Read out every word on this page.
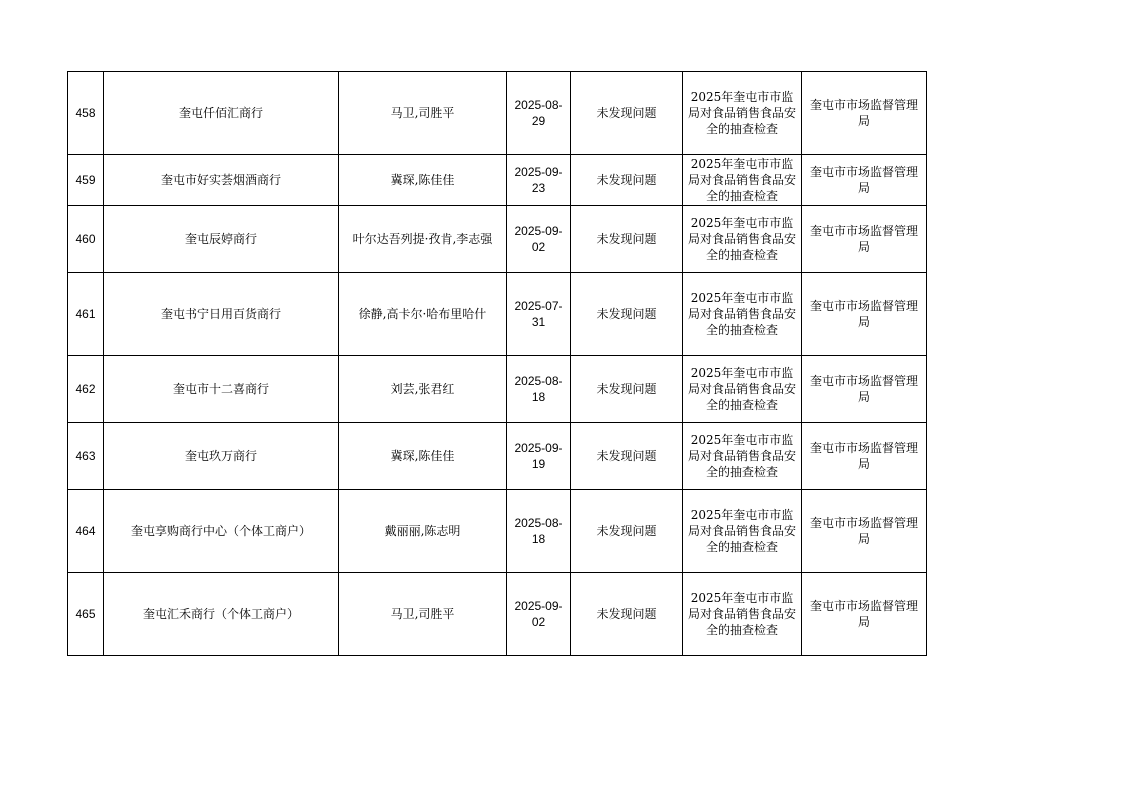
458	奎屯仟佰汇商行	马卫,司胜平	2025-08-29	未发现问题	2025年奎屯市市监局对食品销售食品安全的抽查检查	奎屯市市场监督管理局
459	奎屯市好实荟烟酒商行	冀琛,陈佳佳	2025-09-23	未发现问题	2025年奎屯市市监局对食品销售食品安全的抽查检查	奎屯市市场监督管理局
460	奎屯辰婷商行	叶尔达吾列提·孜肯,李志强	2025-09-02	未发现问题	2025年奎屯市市监局对食品销售食品安全的抽查检查	奎屯市市场监督管理局
461	奎屯书宁日用百货商行	徐静,高卡尔·哈布里哈什	2025-07-31	未发现问题	2025年奎屯市市监局对食品销售食品安全的抽查检查	奎屯市市场监督管理局
462	奎屯市十二喜商行	刘芸,张君红	2025-08-18	未发现问题	2025年奎屯市市监局对食品销售食品安全的抽查检查	奎屯市市场监督管理局
463	奎屯玖万商行	冀琛,陈佳佳	2025-09-19	未发现问题	2025年奎屯市市监局对食品销售食品安全的抽查检查	奎屯市市场监督管理局
464	奎屯享购商行中心（个体工商户）	戴丽丽,陈志明	2025-08-18	未发现问题	2025年奎屯市市监局对食品销售食品安全的抽查检查	奎屯市市场监督管理局
465	奎屯汇禾商行（个体工商户）	马卫,司胜平	2025-09-02	未发现问题	2025年奎屯市市监局对食品销售食品安全的抽查检查	奎屯市市场监督管理局
